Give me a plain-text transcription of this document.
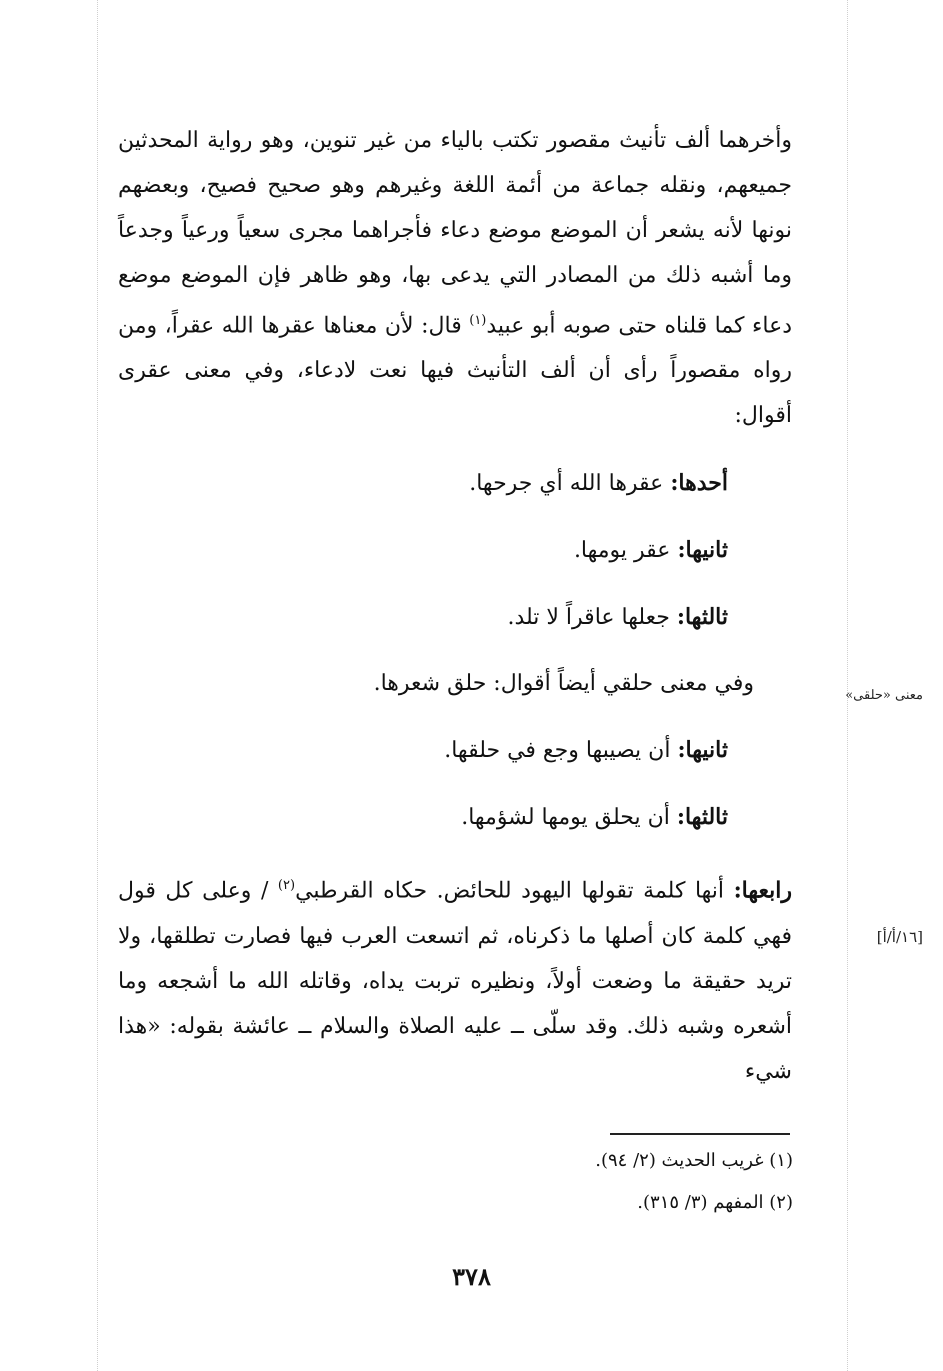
وأخرهما ألف تأنيث مقصور تكتب بالياء من غير تنوين، وهو رواية المحدثين جميعهم، ونقله جماعة من أئمة اللغة وغيرهم وهو صحيح فصيح، وبعضهم نونها لأنه يشعر أن الموضع موضع دعاء فأجراهما مجرى سعياً ورعياً وجدعاً وما أشبه ذلك من المصادر التي يدعى بها، وهو ظاهر فإن الموضع موضع دعاء كما قلناه حتى صوبه أبو عبيد$^{(١)}$ قال: لأن معناها عقرها الله عقراً، ومن رواه مقصوراً رأى أن ألف التأنيث فيها نعت لادعاء، وفي معنى عقرى أقوال:

أحدها: عقرها الله أي جرحها.

ثانيها: عقر يومها.

ثالثها: جعلها عاقراً لا تلد.

وفي معنى حلقي أيضاً أقوال: حلق شعرها.

ثانيها: أن يصيبها وجع في حلقها.

ثالثها: أن يحلق يومها لشؤمها.

رابعها: أنها كلمة تقولها اليهود للحائض. حكاه القرطبي$^{(٢)}$ / وعلى كل قول فهي كلمة كان أصلها ما ذكرناه، ثم اتسعت العرب فيها فصارت تطلقها، ولا تريد حقيقة ما وضعت أولاً، ونظيره تربت يداه، وقاتله الله ما أشجعه وما أشعره وشبه ذلك. وقد سلّى ــ عليه الصلاة والسلام ــ عائشة بقوله: «هذا شيء

معنى «حلقى»
[١٦/أ/أ]
(١) غريب الحديث (٢/ ٩٤).
(٢) المفهم (٣/ ٣١٥).
٣٧٨
